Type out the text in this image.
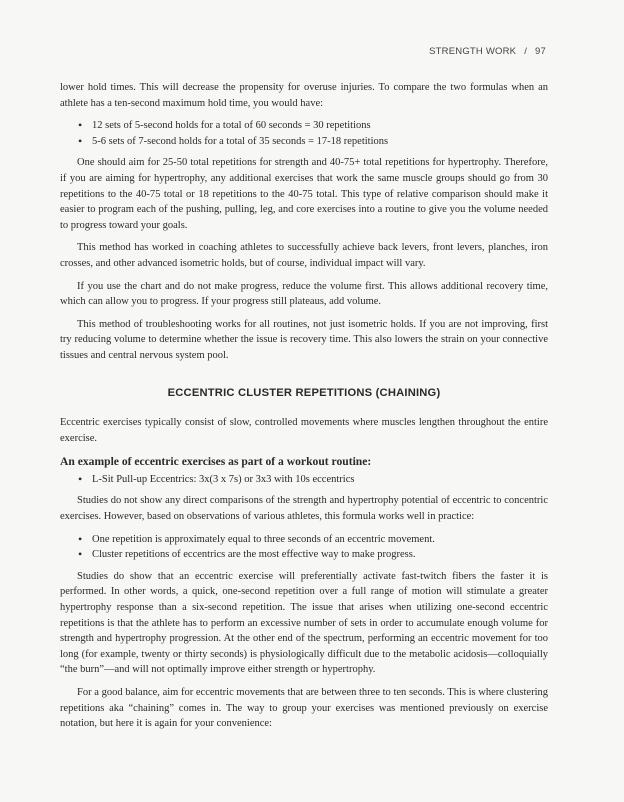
STRENGTH WORK / 97

lower hold times. This will decrease the propensity for overuse injuries. To compare the two formulas when an athlete has a ten-second maximum hold time, you would have:

• 12 sets of 5-second holds for a total of 60 seconds = 30 repetitions
• 5-6 sets of 7-second holds for a total of 35 seconds = 17-18 repetitions

One should aim for 25-50 total repetitions for strength and 40-75+ total repetitions for hypertrophy. Therefore, if you are aiming for hypertrophy, any additional exercises that work the same muscle groups should go from 30 repetitions to the 40-75 total or 18 repetitions to the 40-75 total. This type of relative comparison should make it easier to program each of the pushing, pulling, leg, and core exercises into a routine to give you the volume needed to progress toward your goals.

This method has worked in coaching athletes to successfully achieve back levers, front levers, planches, iron crosses, and other advanced isometric holds, but of course, individual impact will vary.

If you use the chart and do not make progress, reduce the volume first. This allows additional recovery time, which can allow you to progress. If your progress still plateaus, add volume.

This method of troubleshooting works for all routines, not just isometric holds. If you are not improving, first try reducing volume to determine whether the issue is recovery time. This also lowers the strain on your connective tissues and central nervous system pool.

ECCENTRIC CLUSTER REPETITIONS (CHAINING)

Eccentric exercises typically consist of slow, controlled movements where muscles lengthen throughout the entire exercise.

An example of eccentric exercises as part of a workout routine:
• L-Sit Pull-up Eccentrics: 3x(3 x 7s) or 3x3 with 10s eccentrics

Studies do not show any direct comparisons of the strength and hypertrophy potential of eccentric to concentric exercises. However, based on observations of various athletes, this formula works well in practice:

• One repetition is approximately equal to three seconds of an eccentric movement.
• Cluster repetitions of eccentrics are the most effective way to make progress.

Studies do show that an eccentric exercise will preferentially activate fast-twitch fibers the faster it is performed. In other words, a quick, one-second repetition over a full range of motion will stimulate a greater hypertrophy response than a six-second repetition. The issue that arises when utilizing one-second eccentric repetitions is that the athlete has to perform an excessive number of sets in order to accumulate enough volume for strength and hypertrophy progression. At the other end of the spectrum, performing an eccentric movement for too long (for example, twenty or thirty seconds) is physiologically difficult due to the metabolic acidosis—colloquially “the burn”—and will not optimally improve either strength or hypertrophy.

For a good balance, aim for eccentric movements that are between three to ten seconds. This is where clustering repetitions aka “chaining” comes in. The way to group your exercises was mentioned previously on exercise notation, but here it is again for your convenience:
